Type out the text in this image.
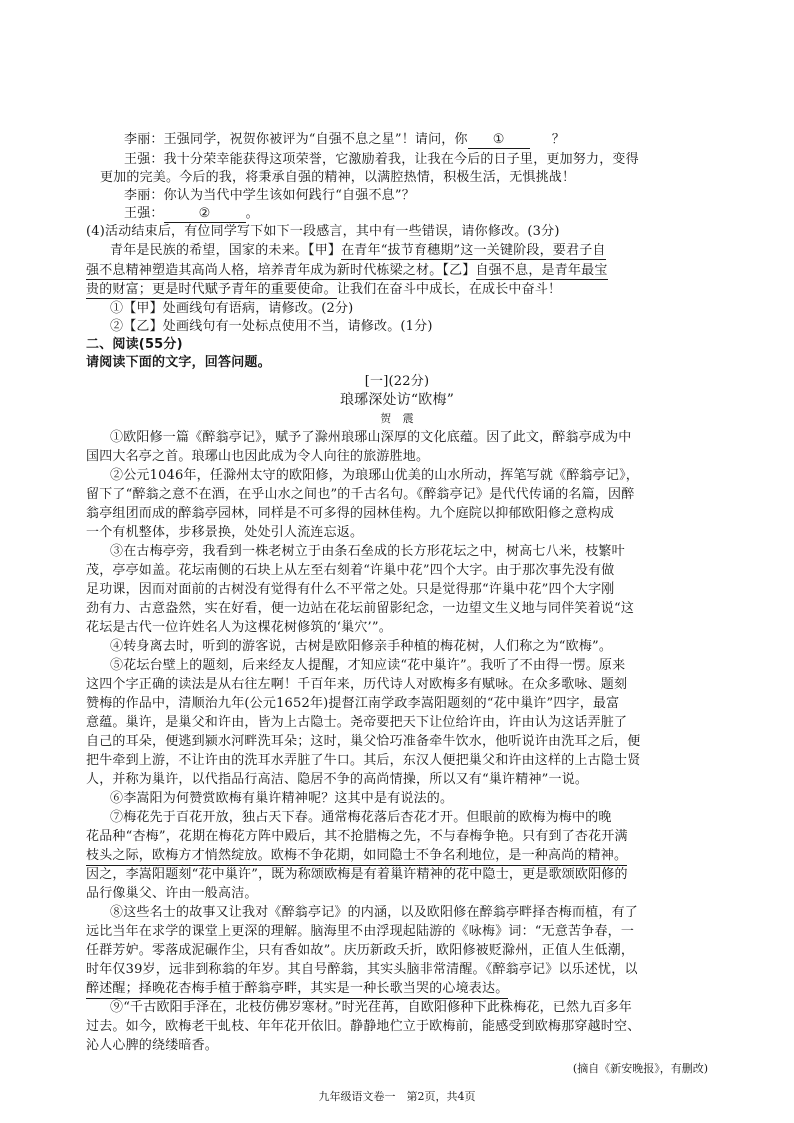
李丽：王强同学，祝贺你被评为“自强不息之星”！请问，你 ①	？
王强：我十分荣幸能获得这项荣誉，它激励着我，让我在今后的日子里，更加努力，变得
更加的完美。今后的我，将秉承自强的精神，以满腔热情，积极生活，无惧挑战！
李丽：你认为当代中学生该如何践行“自强不息”？
王强：	②	。
(4)活动结束后，有位同学写下如下一段感言，其中有一些错误，请你修改。(3分)
青年是民族的希望，国家的未来。【甲】在青年“拔节育穗期”这一关键阶段，要君子自
强不息精神塑造其高尚人格，培养青年成为新时代栋梁之材。【乙】自强不息，是青年最宝
贵的财富；更是时代赋予青年的重要使命。让我们在奋斗中成长，在成长中奋斗！
①【甲】处画线句有语病，请修改。(2分)
②【乙】处画线句有一处标点使用不当，请修改。(1分)
二、阅读(55分)
请阅读下面的文字，回答问题。
[一](22分)
琅琊深处访“欧梅”
贺　震
①欧阳修一篇《醉翁亭记》，赋予了滁州琅琊山深厚的文化底蕴。因了此文，醉翁亭成为中
国四大名亭之首。琅琊山也因此成为令人向往的旅游胜地。
②公元1046年，任滁州太守的欧阳修，为琅琊山优美的山水所动，挥笔写就《醉翁亭记》，
留下了“醉翁之意不在酒，在乎山水之间也”的千古名句。《醉翁亭记》是代代传诵的名篇，因醉
翁亭组团而成的醉翁亭园林，同样是不可多得的园林佳构。九个庭院以抑郁欧阳修之意构成
一个有机整体，步移景换，处处引人流连忘返。
③在古梅亭旁，我看到一株老树立于由条石垒成的长方形花坛之中，树高七八米，枝繁叶
茂，亭亭如盖。花坛南侧的石块上从左至右刻着“许巢中花”四个大字。由于那次事先没有做
足功课，因而对面前的古树没有觉得有什么不平常之处。只是觉得那“许巢中花”四个大字刚
劲有力、古意盎然，实在好看，便一边站在花坛前留影纪念，一边望文生义地与同伴笑着说“这
花坛是古代一位许姓名人为这棵花树修筑的‘巢穴’”。
④转身离去时，听到的游客说，古树是欧阳修亲手种植的梅花树，人们称之为“欧梅”。
⑤花坛台壁上的题刻，后来经友人提醒，才知应读“花中巢许”。我听了不由得一愣。原来
这四个字正确的读法是从右往左啊！千百年来，历代诗人对欧梅多有赋咏。在众多歌咏、题刻
赞梅的作品中，清顺治九年(公元1652年)提督江南学政李嵩阳题刻的“花中巢许”四字，最富
意蕴。巢许，是巢父和许由，皆为上古隐士。尧帝要把天下让位给许由，许由认为这话弄脏了
自己的耳朵，便逃到颍水河畔洗耳朵；这时，巢父恰巧准备牵牛饮水，他听说许由洗耳之后，便
把牛牵到上游，不让许由的洗耳水弄脏了牛口。其后，东汉人便把巢父和许由这样的上古隐士贤
人，并称为巢许，以代指品行高洁、隐居不争的高尚情操，所以又有“巢许精神”一说。
⑥李嵩阳为何赞赏欧梅有巢许精神呢？这其中是有说法的。
⑦梅花先于百花开放，独占天下春。通常梅花落后杏花才开。但眼前的欧梅为梅中的晚
花品种“杏梅”，花期在梅花方阵中殿后，其不抢腊梅之先，不与春梅争艳。只有到了杏花开满
枝头之际，欧梅方才悄然绽放。欧梅不争花期，如同隐士不争名利地位，是一种高尚的精神。
因之，李嵩阳题刻“花中巢许”，既为称颂欧梅是有着巢许精神的花中隐士，更是歌颂欧阳修的
品行像巢父、许由一般高洁。
⑧这些名士的故事又让我对《醉翁亭记》的内涵，以及欧阳修在醉翁亭畔择杏梅而植，有了
远比当年在求学的课堂上更深的理解。脑海里不由浮现起陆游的《咏梅》词：“无意苦争春，一
任群芳妒。零落成泥碾作尘，只有香如故”。庆历新政夭折，欧阳修被贬滁州，正值人生低潮，
时年仅39岁，远非到称翁的年岁。其自号醉翁，其实头脑非常清醒。《醉翁亭记》以乐述忧，以
醉述醒；择晚花杏梅手植于醉翁亭畔，其实是一种长歌当哭的心境表达。
⑨“千古欧阳手泽在，北枝仿佛岁寒材。”时光荏苒，自欧阳修种下此株梅花，已然九百多年
过去。如今，欧梅老干虬枝、年年花开依旧。静静地伫立于欧梅前，能感受到欧梅那穿越时空、
沁人心脾的绕缕暗香。
(摘自《新安晚报》，有删改)
九年级语文卷一　第2页，共4页
